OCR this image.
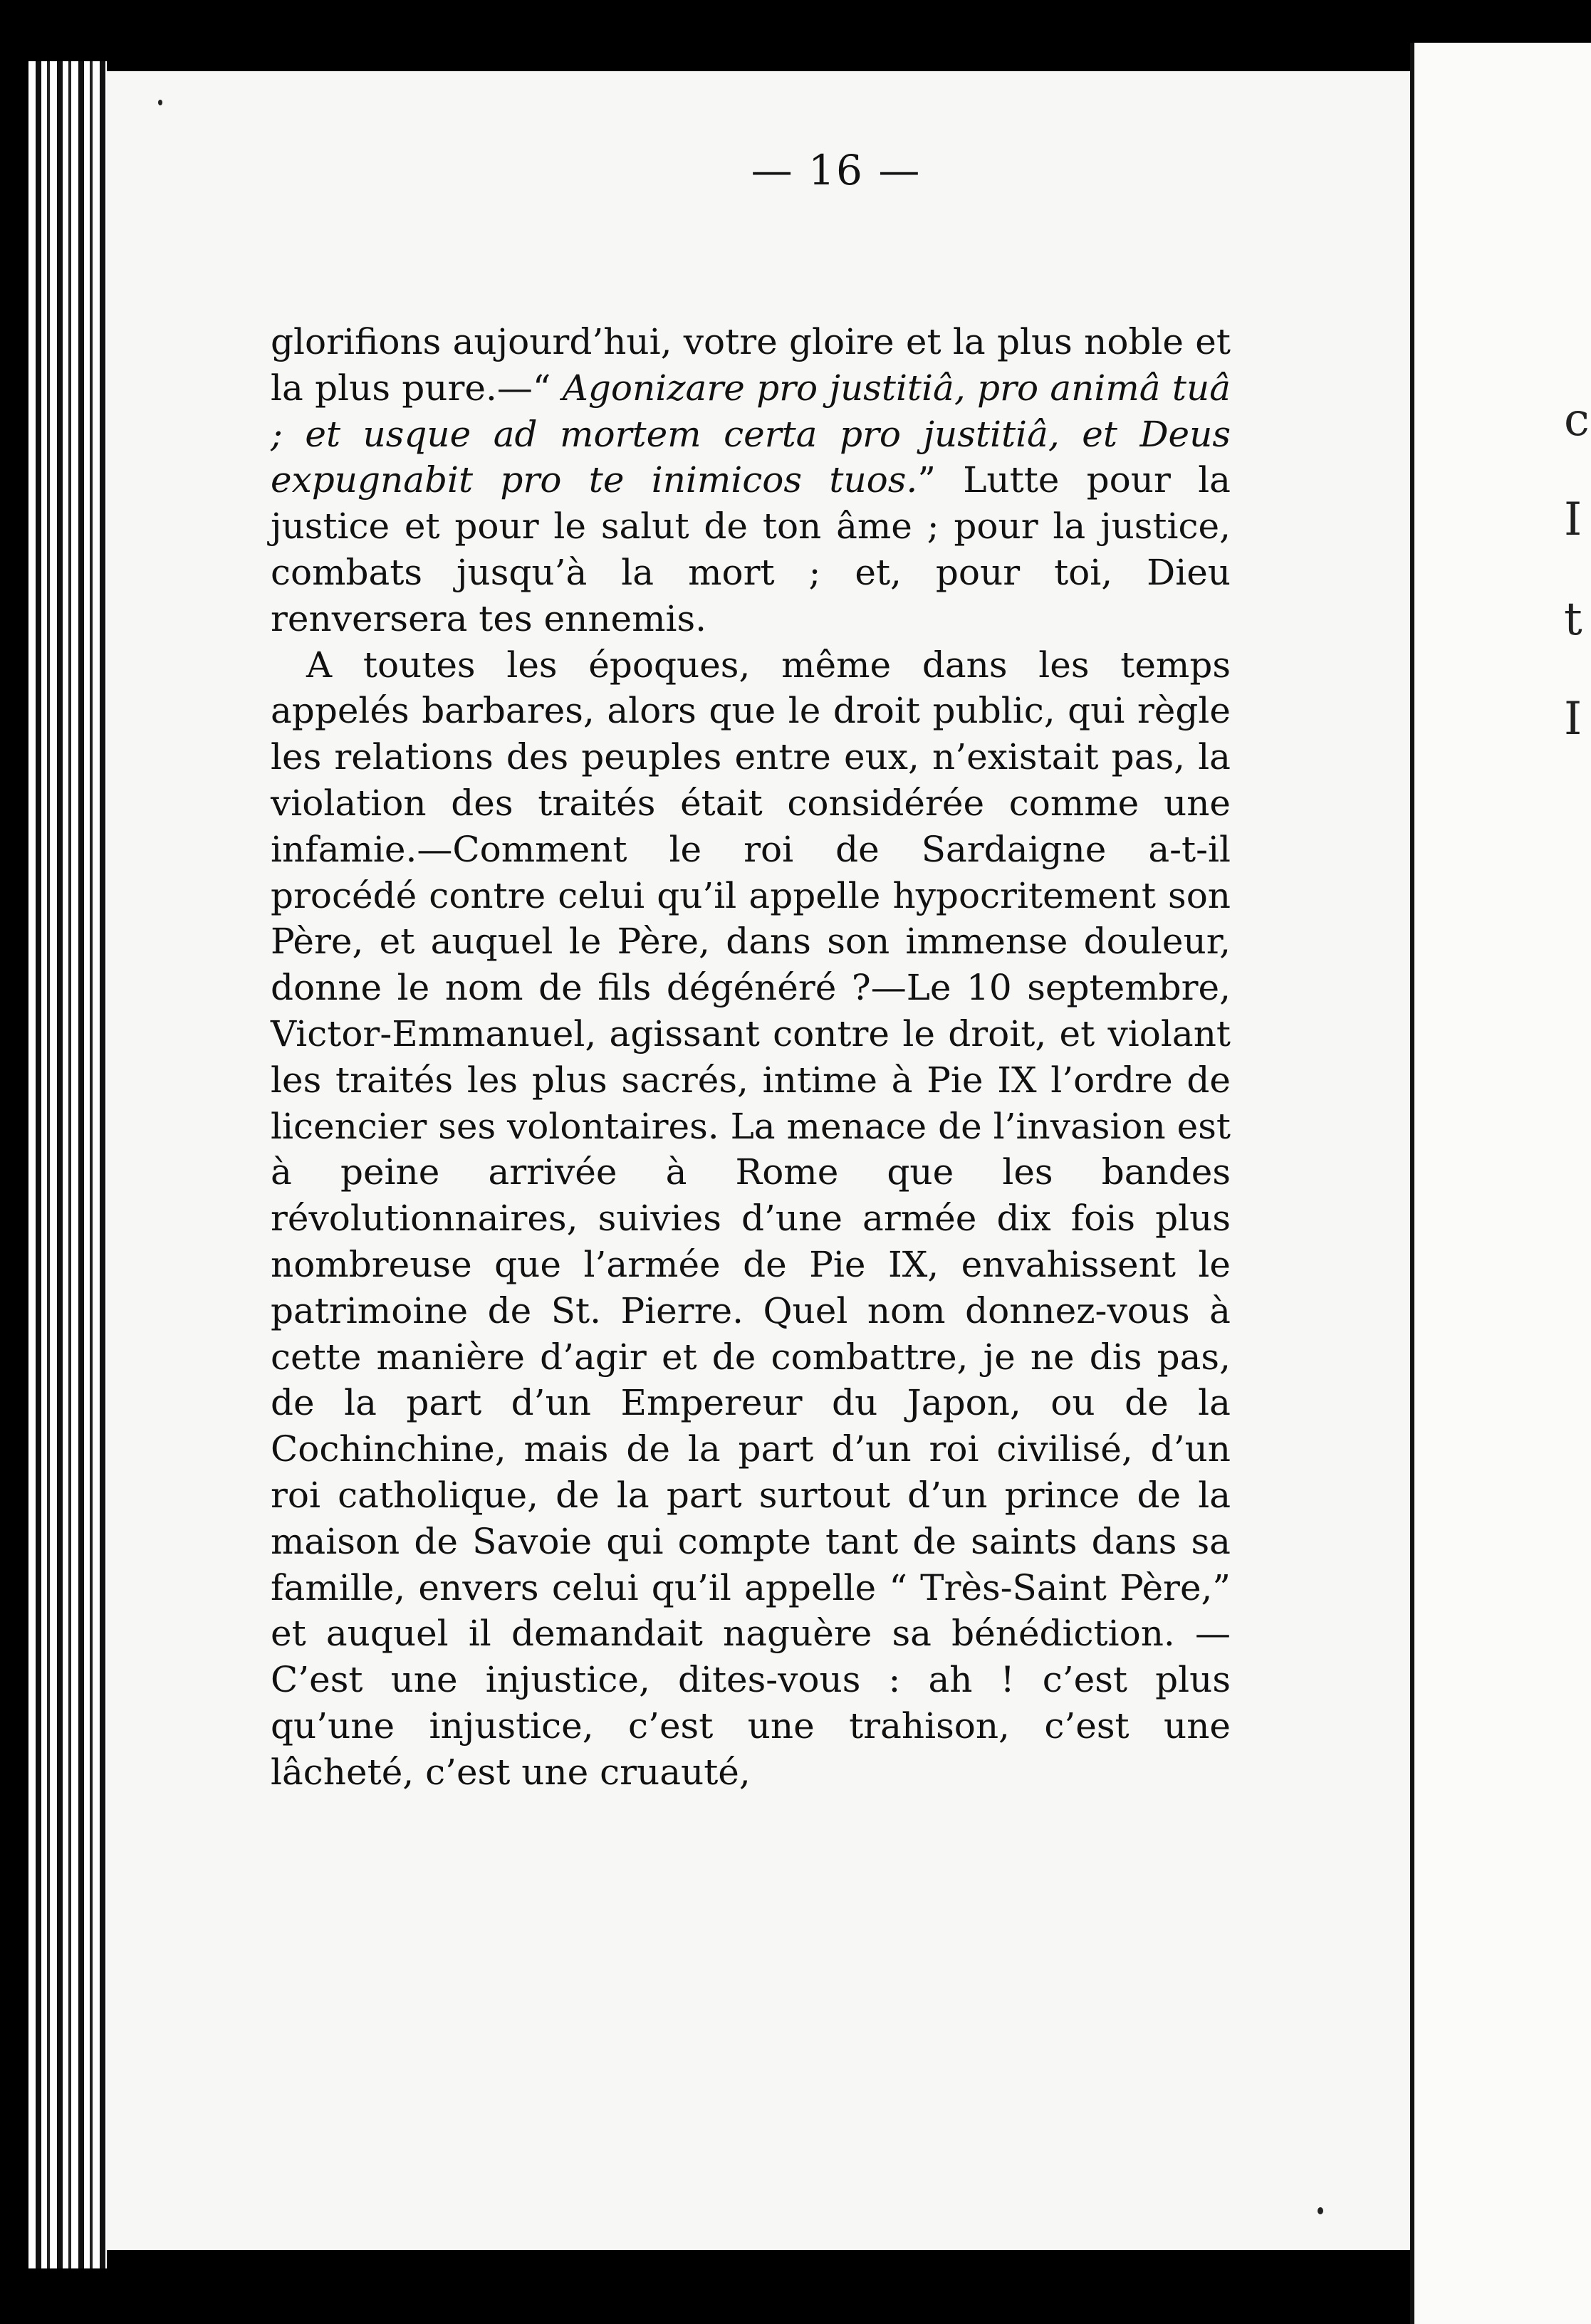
c
I
t
I
— 16 —

glorifions aujourd’hui, votre gloire et la plus noble et la plus pure.—“ Agonizare pro justitiâ, pro animâ tuâ ; et usque ad mortem certa pro justitiâ, et Deus expugnabit pro te inimicos tuos.” Lutte pour la justice et pour le salut de ton âme ; pour la justice, combats jusqu’à la mort ; et, pour toi, Dieu renversera tes ennemis.

A toutes les époques, même dans les temps appelés barbares, alors que le droit public, qui règle les relations des peuples entre eux, n’existait pas, la violation des traités était considérée comme une infamie.—Comment le roi de Sardaigne a-t-il procédé contre celui qu’il appelle hypocritement son Père, et auquel le Père, dans son immense douleur, donne le nom de fils dégénéré ?—Le 10 septembre, Victor-Emmanuel, agissant contre le droit, et violant les traités les plus sacrés, intime à Pie IX l’ordre de licencier ses volontaires. La menace de l’invasion est à peine arrivée à Rome que les bandes révolutionnaires, suivies d’une armée dix fois plus nombreuse que l’armée de Pie IX, envahissent le patrimoine de St. Pierre. Quel nom donnez-vous à cette manière d’agir et de combattre, je ne dis pas, de la part d’un Empereur du Japon, ou de la Cochinchine, mais de la part d’un roi civilisé, d’un roi catholique, de la part surtout d’un prince de la maison de Savoie qui compte tant de saints dans sa famille, envers celui qu’il appelle “ Très-Saint Père,” et auquel il demandait naguère sa bénédiction. — C’est une injustice, dites-vous : ah ! c’est plus qu’une injustice, c’est une trahison, c’est une lâcheté, c’est une cruauté,
